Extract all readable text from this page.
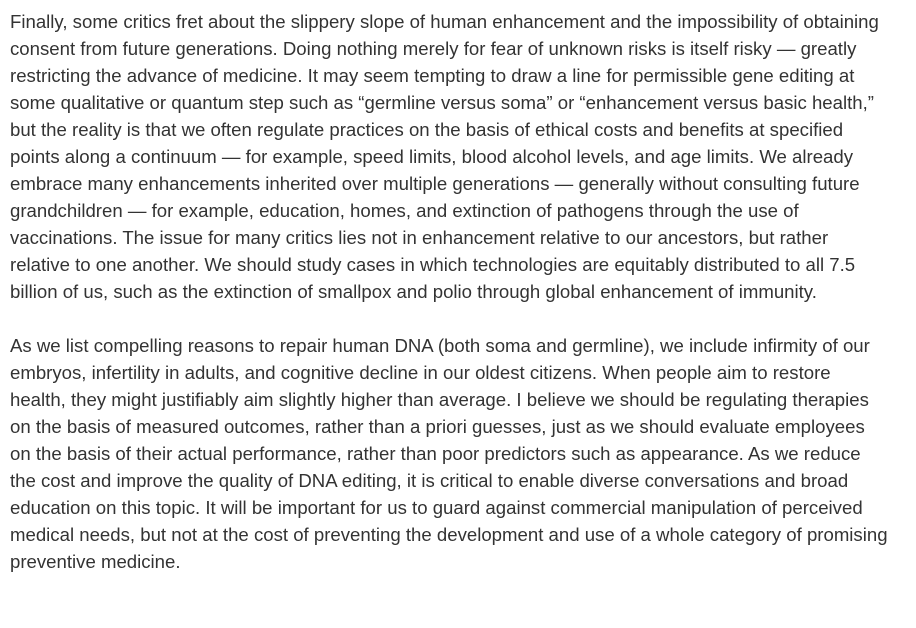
Finally, some critics fret about the slippery slope of human enhancement and the impossibility of obtaining consent from future generations. Doing nothing merely for fear of unknown risks is itself risky — greatly restricting the advance of medicine. It may seem tempting to draw a line for permissible gene editing at some qualitative or quantum step such as “germline versus soma” or “enhancement versus basic health,” but the reality is that we often regulate practices on the basis of ethical costs and benefits at specified points along a continuum — for example, speed limits, blood alcohol levels, and age limits. We already embrace many enhancements inherited over multiple generations — generally without consulting future grandchildren — for example, education, homes, and extinction of pathogens through the use of vaccinations. The issue for many critics lies not in enhancement relative to our ancestors, but rather relative to one another. We should study cases in which technologies are equitably distributed to all 7.5 billion of us, such as the extinction of smallpox and polio through global enhancement of immunity.

As we list compelling reasons to repair human DNA (both soma and germline), we include infirmity of our embryos, infertility in adults, and cognitive decline in our oldest citizens. When people aim to restore health, they might justifiably aim slightly higher than average. I believe we should be regulating therapies on the basis of measured outcomes, rather than a priori guesses, just as we should evaluate employees on the basis of their actual performance, rather than poor predictors such as appearance. As we reduce the cost and improve the quality of DNA editing, it is critical to enable diverse conversations and broad education on this topic. It will be important for us to guard against commercial manipulation of perceived medical needs, but not at the cost of preventing the development and use of a whole category of promising preventive medicine.
